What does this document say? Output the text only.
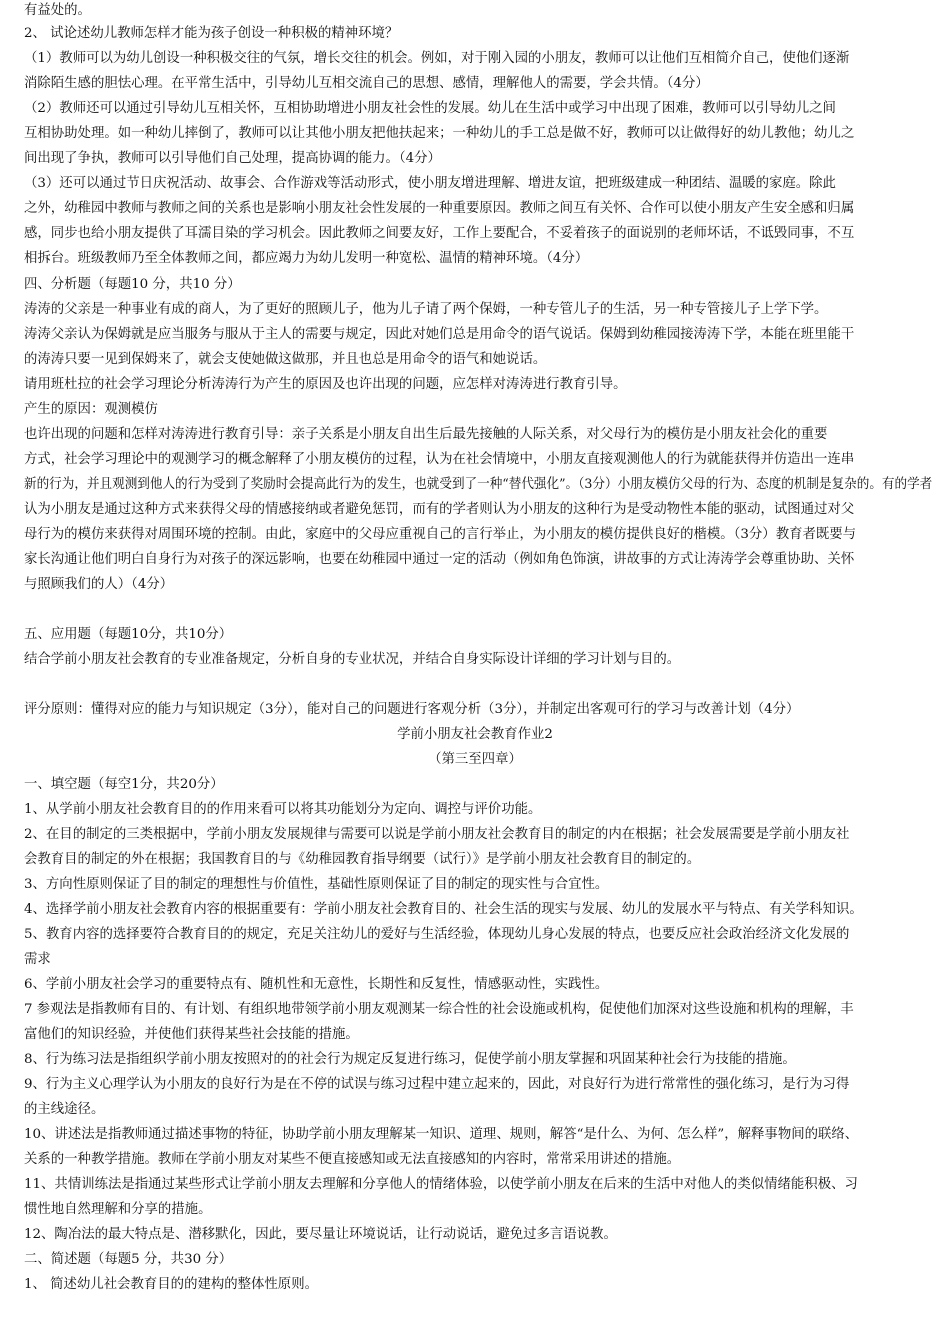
有益处的。
2、 试论述幼儿教师怎样才能为孩子创设一种积极的精神环境？
（1）教师可以为幼儿创设一种积极交往的气氛，增长交往的机会。例如，对于刚入园的小朋友，教师可以让他们互相简介自己，使他们逐渐
消除陌生感的胆怯心理。在平常生活中，引导幼儿互相交流自己的思想、感情，理解他人的需要，学会共情。（4分）
（2）教师还可以通过引导幼儿互相关怀，互相协助增进小朋友社会性的发展。幼儿在生活中或学习中出现了困难，教师可以引导幼儿之间
互相协助处理。如一种幼儿摔倒了，教师可以让其他小朋友把他扶起来；一种幼儿的手工总是做不好，教师可以让做得好的幼儿教他；幼儿之
间出现了争执，教师可以引导他们自己处理，提高协调的能力。（4分）
（3）还可以通过节日庆祝活动、故事会、合作游戏等活动形式，使小朋友增进理解、增进友谊，把班级建成一种团结、温暖的家庭。除此
之外，幼稚园中教师与教师之间的关系也是影响小朋友社会性发展的一种重要原因。教师之间互有关怀、合作可以使小朋友产生安全感和归属
感，同步也给小朋友提供了耳濡目染的学习机会。因此教师之间要友好，工作上要配合，不妥着孩子的面说别的老师坏话，不诋毁同事，不互
相拆台。班级教师乃至全体教师之间，都应竭力为幼儿发明一种宽松、温情的精神环境。（4分）
四、分析题（每题10 分，共10 分）
涛涛的父亲是一种事业有成的商人，为了更好的照顾儿子，他为儿子请了两个保姆，一种专管儿子的生活，另一种专管接儿子上学下学。
涛涛父亲认为保姆就是应当服务与服从于主人的需要与规定，因此对她们总是用命令的语气说话。保姆到幼稚园接涛涛下学，本能在班里能干
的涛涛只要一见到保姆来了，就会支使她做这做那，并且也总是用命令的语气和她说话。
请用班杜拉的社会学习理论分析涛涛行为产生的原因及也许出现的问题，应怎样对涛涛进行教育引导。
产生的原因：观测模仿
也许出现的问题和怎样对涛涛进行教育引导：亲子关系是小朋友自出生后最先接触的人际关系，对父母行为的模仿是小朋友社会化的重要
方式，社会学习理论中的观测学习的概念解释了小朋友模仿的过程，认为在社会情境中，小朋友直接观测他人的行为就能获得并仿造出一连串
新的行为，并且观测到他人的行为受到了奖励时会提高此行为的发生，也就受到了一种“替代强化”。（3分）小朋友模仿父母的行为、态度的机制是复杂的。有的学者
认为小朋友是通过这种方式来获得父母的情感接纳或者避免惩罚，而有的学者则认为小朋友的这种行为是受动物性本能的驱动，试图通过对父
母行为的模仿来获得对周围环境的控制。由此，家庭中的父母应重视自己的言行举止，为小朋友的模仿提供良好的楷模。（3分）教育者既要与
家长沟通让他们明白自身行为对孩子的深远影响，也要在幼稚园中通过一定的活动（例如角色饰演，讲故事的方式让涛涛学会尊重协助、关怀
与照顾我们的人）（4分）
五、应用题（每题10分，共10分）
结合学前小朋友社会教育的专业准备规定，分析自身的专业状况，并结合自身实际设计详细的学习计划与目的。
评分原则：懂得对应的能力与知识规定（3分），能对自己的问题进行客观分析（3分），并制定出客观可行的学习与改善计划（4分）
学前小朋友社会教育作业2
（第三至四章）
一、填空题（每空1分，共20分）
1、从学前小朋友社会教育目的的作用来看可以将其功能划分为定向、调控与评价功能。
2、在目的制定的三类根据中，学前小朋友发展规律与需要可以说是学前小朋友社会教育目的制定的内在根据；社会发展需要是学前小朋友社
会教育目的制定的外在根据；我国教育目的与《幼稚园教育指导纲要（试行）》是学前小朋友社会教育目的制定的。
3、方向性原则保证了目的制定的理想性与价值性，基础性原则保证了目的制定的现实性与合宜性。
4、选择学前小朋友社会教育内容的根据重要有：学前小朋友社会教育目的、社会生活的现实与发展、幼儿的发展水平与特点、有关学科知识。
5、教育内容的选择要符合教育目的的规定，充足关注幼儿的爱好与生活经验，体现幼儿身心发展的特点，也要反应社会政治经济文化发展的
需求
6、学前小朋友社会学习的重要特点有、随机性和无意性，长期性和反复性，情感驱动性，实践性。
7 参观法是指教师有目的、有计划、有组织地带领学前小朋友观测某一综合性的社会设施或机构，促使他们加深对这些设施和机构的理解，丰
富他们的知识经验，并使他们获得某些社会技能的措施。
8、行为练习法是指组织学前小朋友按照对的的社会行为规定反复进行练习，促使学前小朋友掌握和巩固某种社会行为技能的措施。
9、行为主义心理学认为小朋友的良好行为是在不停的试误与练习过程中建立起来的，因此，对良好行为进行常常性的强化练习，是行为习得
的主线途径。
10、讲述法是指教师通过描述事物的特征，协助学前小朋友理解某一知识、道理、规则，解答“是什么、为何、怎么样”，解释事物间的联络、
关系的一种教学措施。教师在学前小朋友对某些不便直接感知或无法直接感知的内容时，常常采用讲述的措施。
11、共情训练法是指通过某些形式让学前小朋友去理解和分享他人的情绪体验，以使学前小朋友在后来的生活中对他人的类似情绪能积极、习
惯性地自然理解和分享的措施。
12、陶冶法的最大特点是、潜移默化，因此，要尽量让环境说话，让行动说话，避免过多言语说教。
二、简述题（每题5 分，共30 分）
1、 简述幼儿社会教育目的的建构的整体性原则。
